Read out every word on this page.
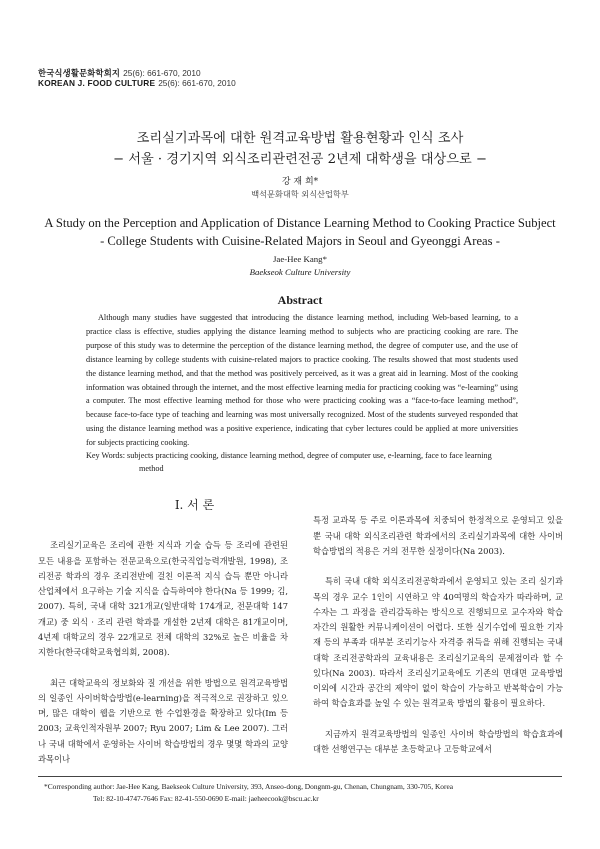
한국식생활문화학회지 25(6): 661-670, 2010
KOREAN J. FOOD CULTURE 25(6): 661-670, 2010
조리실기과목에 대한 원격교육방법 활용현황과 인식 조사
− 서울 · 경기지역 외식조리관련전공 2년제 대학생을 대상으로 −
강 재 희*
백석문화대학 외식산업학부
A Study on the Perception and Application of Distance Learning Method to Cooking Practice Subject
- College Students with Cuisine-Related Majors in Seoul and Gyeonggi Areas -
Jae-Hee Kang*
Baekseok Culture University
Abstract
Although many studies have suggested that introducing the distance learning method, including Web-based learning, to a practice class is effective, studies applying the distance learning method to subjects who are practicing cooking are rare. The purpose of this study was to determine the perception of the distance learning method, the degree of computer use, and the use of distance learning by college students with cuisine-related majors to practice cooking. The results showed that most students used the distance learning method, and that the method was positively perceived, as it was a great aid in learning. Most of the cooking information was obtained through the internet, and the most effective learning media for practicing cooking was “e-learning” using a computer. The most effective learning method for those who were practicing cooking was a “face-to-face learning method”, because face-to-face type of teaching and learning was most universally recognized. Most of the students surveyed responded that using the distance learning method was a positive experience, indicating that cyber lectures could be applied at more universities for subjects practicing cooking.
Key Words: subjects practicing cooking, distance learning method, degree of computer use, e-learning, face to face learning method
Ⅰ. 서 론

조리실기교육은 조리에 관한 지식과 기술 습득 등 조리에 관련된 모든 내용을 포함하는 전문교육으로(한국직업능력개발원, 1998), 조리전공 학과의 경우 조리전반에 걸친 이론적 지식 습득 뿐만 아니라 산업체에서 요구하는 기술 지식을 습득하여야 한다(Na 등 1999; 김, 2007). 특히, 국내 대학 321개교(일반대학 174개교, 전문대학 147개교) 중 외식 · 조리 관련 학과를 개설한 2년제 대학은 81개교이며, 4년제 대학교의 경우 22개교로 전체 대학의 32%로 높은 비율을 차지한다(한국대학교육협의회, 2008).

최근 대학교육의 정보화와 질 개선을 위한 방법으로 원격교육방법의 일종인 사이버학습방법(e-learning)을 적극적으로 권장하고 있으며, 많은 대학이 웹을 기반으로 한 수업환경을 확장하고 있다(Im 등 2003; 교육인적자원부 2007; Ryu 2007; Lim & Lee 2007). 그러나 국내 대학에서 운영하는 사이버 학습방법의 경우 몇몇 학과의 교양과목이나

특정 교과목 등 주로 이론과목에 치중되어 한정적으로 운영되고 있을 뿐 국내 대학 외식조리관련 학과에서의 조리실기과목에 대한 사이버 학습방법의 적용은 거의 전무한 실정이다(Na 2003).

특히 국내 대학 외식조리전공학과에서 운영되고 있는 조리 실기과목의 경우 교수 1인이 시연하고 약 40여명의 학습자가 따라하며, 교수자는 그 과정을 관리감독하는 방식으로 진행되므로 교수자와 학습자간의 원활한 커뮤니케이션이 어렵다. 또한 실기수업에 필요한 기자재 등의 부족과 대부분 조리기능사 자격증 취득을 위해 진행되는 국내 대학 조리전공학과의 교육내용은 조리실기교육의 문제점이라 할 수 있다(Na 2003). 따라서 조리실기교육에도 기존의 면대면 교육방법 이외에 시간과 공간의 제약이 없이 학습이 가능하고 반복학습이 가능하여 학습효과를 높일 수 있는 원격교육 방법의 활용이 필요하다.

지금까지 원격교육방법의 일종인 사이버 학습방법의 학습효과에 대한 선행연구는 대부분 초등학교나 고등학교에서

*Corresponding author: Jae-Hee Kang, Baekseok Culture University, 393, Anseo-dong, Dongnm-gu, Chenan, Chungnam, 330-705, Korea
Tel: 82-10-4747-7646 Fax: 82-41-550-0690 E-mail: jaeheecook@bscu.ac.kr
